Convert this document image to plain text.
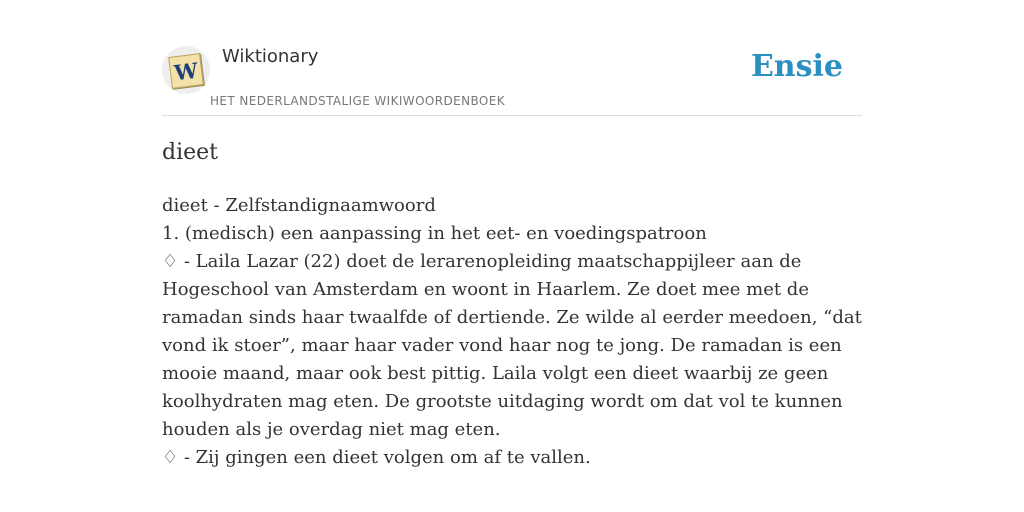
W
Wiktionary
HET NEDERLANDSTALIGE WIKIWOORDENBOEK
Ensie
dieet
dieet - Zelfstandignaamwoord
1. (medisch) een aanpassing in het eet- en voedingspatroon
♢ - Laila Lazar (22) doet de lerarenopleiding maatschappijleer aan de Hogeschool van Amsterdam en woont in Haarlem. Ze doet mee met de ramadan sinds haar twaalfde of dertiende. Ze wilde al eerder meedoen, “dat vond ik stoer”, maar haar vader vond haar nog te jong. De ramadan is een mooie maand, maar ook best pittig. Laila volgt een dieet waarbij ze geen koolhydraten mag eten. De grootste uitdaging wordt om dat vol te kunnen houden als je overdag niet mag eten.
♢ - Zij gingen een dieet volgen om af te vallen.
